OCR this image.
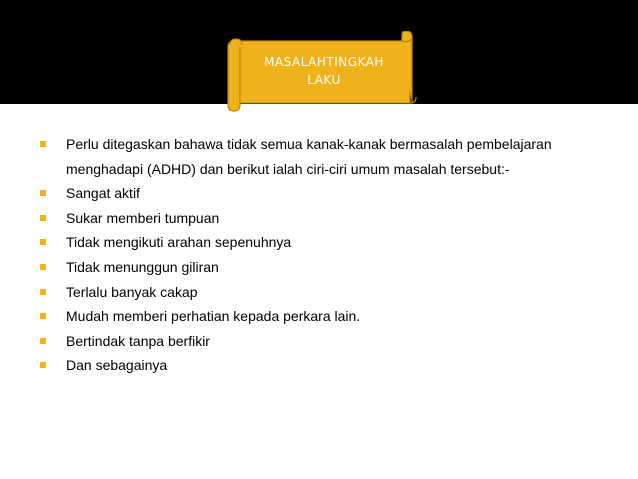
MASALAHTINGKAH
LAKU
Perlu ditegaskan bahawa tidak semua kanak-kanak bermasalah pembelajaran menghadapi (ADHD) dan berikut ialah ciri-ciri umum masalah tersebut:-
Sangat aktif
Sukar memberi tumpuan
Tidak mengikuti arahan sepenuhnya
Tidak menunggun giliran
Terlalu banyak cakap
Mudah memberi perhatian kepada perkara lain.
Bertindak tanpa berfikir
Dan sebagainya
